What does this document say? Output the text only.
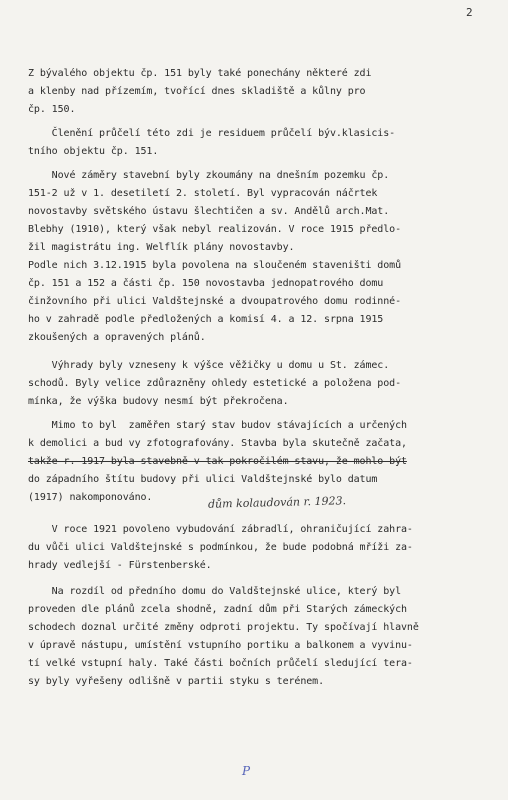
2
Z bývalého objektu čp. 151 byly také ponechány některé zdi
a klenby nad přízemím, tvořící dnes skladiště a kůlny pro
čp. 150.
Členění průčelí této zdi je residuem průčelí býv.klasicis-
tního objektu čp. 151.
Nové záměry stavební byly zkoumány na dnešním pozemku čp.
151-2 už v 1. desetiletí 2. století. Byl vypracován náčrtek
novostavby světského ústavu šlechtičen a sv. Andělů arch.Mat.
Blebhy (1910), který však nebyl realizován. V roce 1915 předlo-
žil magistrátu ing. Welflík plány novostavby.
Podle nich 3.12.1915 byla povolena na sloučeném staveništi domů
čp. 151 a 152 a části čp. 150 novostavba jednopatrového domu
činžovního při ulici Valdštejnské a dvoupatrového domu rodinné-
ho v zahradě podle předložených a komisí 4. a 12. srpna 1915
zkoušených a opravených plánů.
Výhrady byly vzneseny k výšce věžičky u domu u St. zámec.
schodů. Byly velice zdůrazněny ohledy estetické a položena pod-
mínka, že výška budovy nesmí být překročena.
Mimo to byl  zaměřen starý stav budov stávajících a určených
k demolici a bud vy zfotografovány. Stavba byla skutečně začata,
takže r. 1917 byla stavebně v tak pokročilém stavu, že mohlo být
do západního štítu budovy při ulici Valdštejnské bylo datum
(1917) nakomponováno.	dům kolaudován r. 1923.
V roce 1921 povoleno vybudování zábradlí, ohraničující zahra-
du vůči ulici Valdštejnské s podmínkou, že bude podobná mříži za-
hrady vedlejší - Fürstenberské.
Na rozdíl od předního domu do Valdštejnské ulice, který byl
proveden dle plánů zcela shodně, zadní dům při Starých zámeckých
schodech doznal určité změny odproti projektu. Ty spočívají hlavně
v úpravě nástupu, umístění vstupního portiku a balkonem a vyvinu-
tí velké vstupní haly. Také části bočních průčelí sledující tera-
sy byly vyřešeny odlišně v partii styku s terénem.
P
